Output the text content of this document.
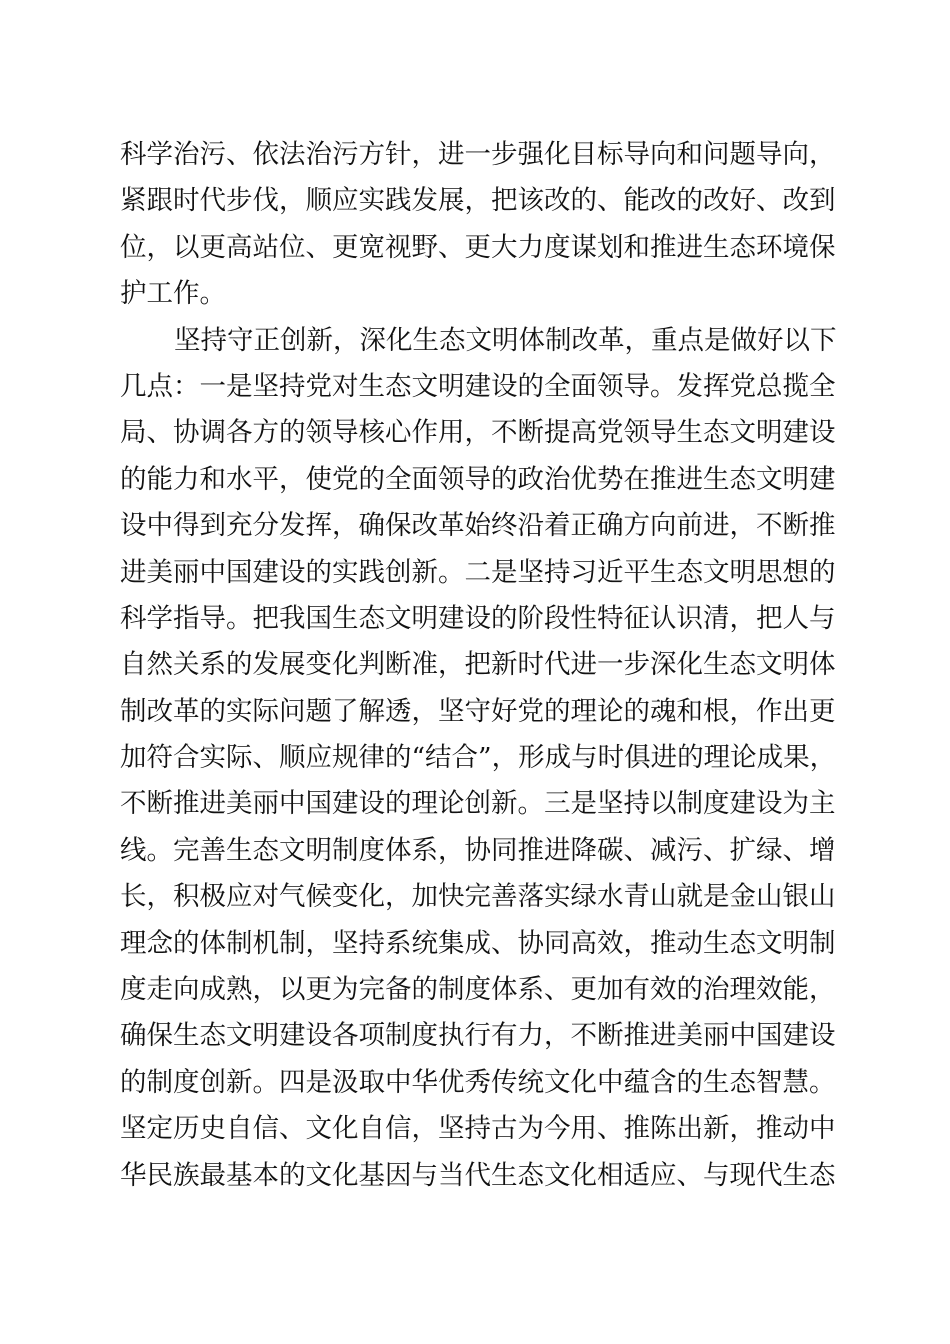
科学治污、依法治污方针，进一步强化目标导向和问题导向，
紧跟时代步伐，顺应实践发展，把该改的、能改的改好、改到
位，以更高站位、更宽视野、更大力度谋划和推进生态环境保
护工作。
坚持守正创新，深化生态文明体制改革，重点是做好以下
几点：一是坚持党对生态文明建设的全面领导。发挥党总揽全
局、协调各方的领导核心作用，不断提高党领导生态文明建设
的能力和水平，使党的全面领导的政治优势在推进生态文明建
设中得到充分发挥，确保改革始终沿着正确方向前进，不断推
进美丽中国建设的实践创新。二是坚持习近平生态文明思想的
科学指导。把我国生态文明建设的阶段性特征认识清，把人与
自然关系的发展变化判断准，把新时代进一步深化生态文明体
制改革的实际问题了解透，坚守好党的理论的魂和根，作出更
加符合实际、顺应规律的“结合”，形成与时俱进的理论成果，
不断推进美丽中国建设的理论创新。三是坚持以制度建设为主
线。完善生态文明制度体系，协同推进降碳、减污、扩绿、增
长，积极应对气候变化，加快完善落实绿水青山就是金山银山
理念的体制机制，坚持系统集成、协同高效，推动生态文明制
度走向成熟，以更为完备的制度体系、更加有效的治理效能，
确保生态文明建设各项制度执行有力，不断推进美丽中国建设
的制度创新。四是汲取中华优秀传统文化中蕴含的生态智慧。
坚定历史自信、文化自信，坚持古为今用、推陈出新，推动中
华民族最基本的文化基因与当代生态文化相适应、与现代生态
